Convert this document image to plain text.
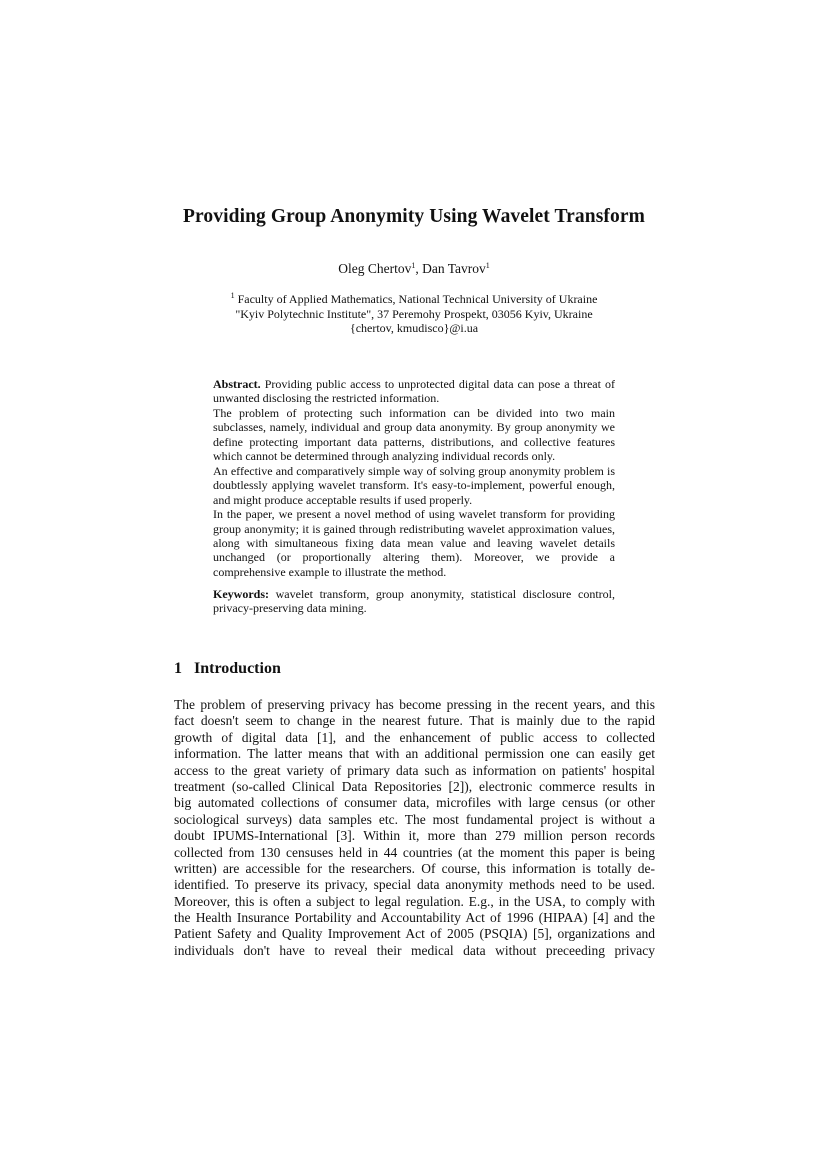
Providing Group Anonymity Using Wavelet Transform
Oleg Chertov$^1$, Dan Tavrov$^1$
$^1$ Faculty of Applied Mathematics, National Technical University of Ukraine
"Kyiv Polytechnic Institute", 37 Peremohy Prospekt, 03056 Kyiv, Ukraine
{chertov, kmudisco}@i.ua

Abstract. Providing public access to unprotected digital data can pose a threat of unwanted disclosing the restricted information.

The problem of protecting such information can be divided into two main subclasses, namely, individual and group data anonymity. By group anonymity we define protecting important data patterns, distributions, and collective features which cannot be determined through analyzing individual records only.

An effective and comparatively simple way of solving group anonymity problem is doubtlessly applying wavelet transform. It's easy-to-implement, powerful enough, and might produce acceptable results if used properly.

In the paper, we present a novel method of using wavelet transform for providing group anonymity; it is gained through redistributing wavelet approximation values, along with simultaneous fixing data mean value and leaving wavelet details unchanged (or proportionally altering them). Moreover, we provide a comprehensive example to illustrate the method.

Keywords: wavelet transform, group anonymity, statistical disclosure control, privacy-preserving data mining.
1 Introduction
The problem of preserving privacy has become pressing in the recent years, and this
fact doesn't seem to change in the nearest future. That is mainly due to the rapid
growth of digital data [1], and the enhancement of public access to collected
information. The latter means that with an additional permission one can easily get
access to the great variety of primary data such as information on patients' hospital
treatment (so-called Clinical Data Repositories [2]), electronic commerce results in
big automated collections of consumer data, microfiles with large census (or other
sociological surveys) data samples etc. The most fundamental project is without a
doubt IPUMS-International [3]. Within it, more than 279 million person records
collected from 130 censuses held in 44 countries (at the moment this paper is being
written) are accessible for the researchers. Of course, this information is totally de-
identified. To preserve its privacy, special data anonymity methods need to be used.
Moreover, this is often a subject to legal regulation. E.g., in the USA, to comply with
the Health Insurance Portability and Accountability Act of 1996 (HIPAA) [4] and the
Patient Safety and Quality Improvement Act of 2005 (PSQIA) [5], organizations and
individuals don't have to reveal their medical data without preceeding privacy
